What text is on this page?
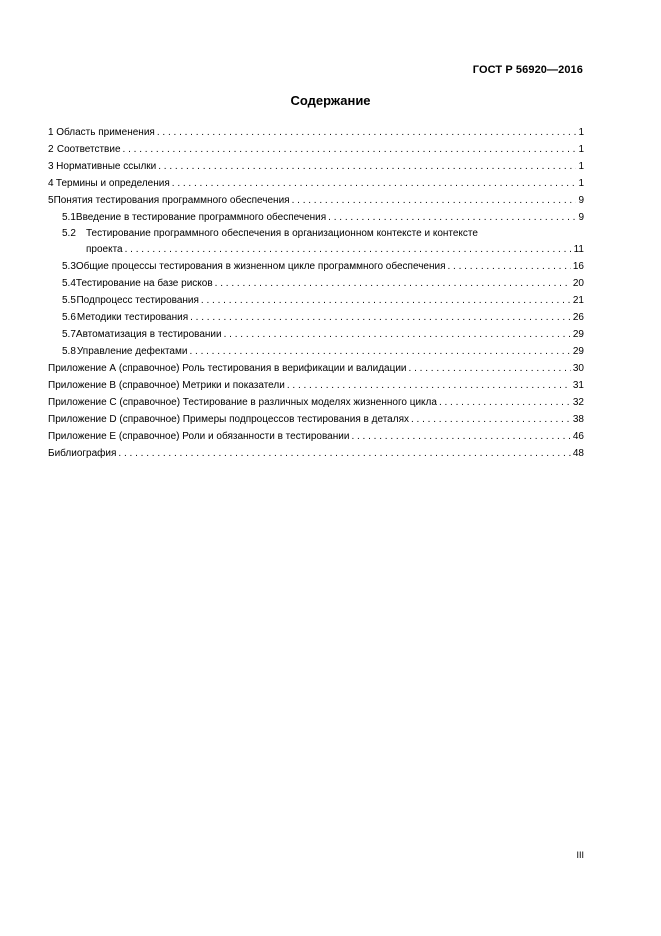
ГОСТ Р 56920—2016
Содержание
1 Область применения . . .	1
2 Соответствие . . .	1
3 Нормативные ссылки . . .	1
4 Термины и определения . . .	1
5 Понятия тестирования программного обеспечения . . .	9
5.1 Введение в тестирование программного обеспечения . . .	9
5.2	Тестирование программного обеспечения в организационном контексте и контексте
проекта . . .	11
5.3 Общие процессы тестирования в жизненном цикле программного обеспечения . . .	16
5.4 Тестирование на базе рисков . . .	20
5.5 Подпроцесс тестирования . . .	21
5.6 Методики тестирования . . .	26
5.7 Автоматизация в тестировании . . .	29
5.8 Управление дефектами . . .	29
Приложение А (справочное) Роль тестирования в верификации и валидации . . .	30
Приложение В (справочное) Метрики и показатели . . .	31
Приложение С (справочное) Тестирование в различных моделях жизненного цикла . . .	32
Приложение D (справочное) Примеры подпроцессов тестирования в деталях . . .	38
Приложение Е (справочное) Роли и обязанности в тестировании . . .	46
Библиография . . .	48
III
